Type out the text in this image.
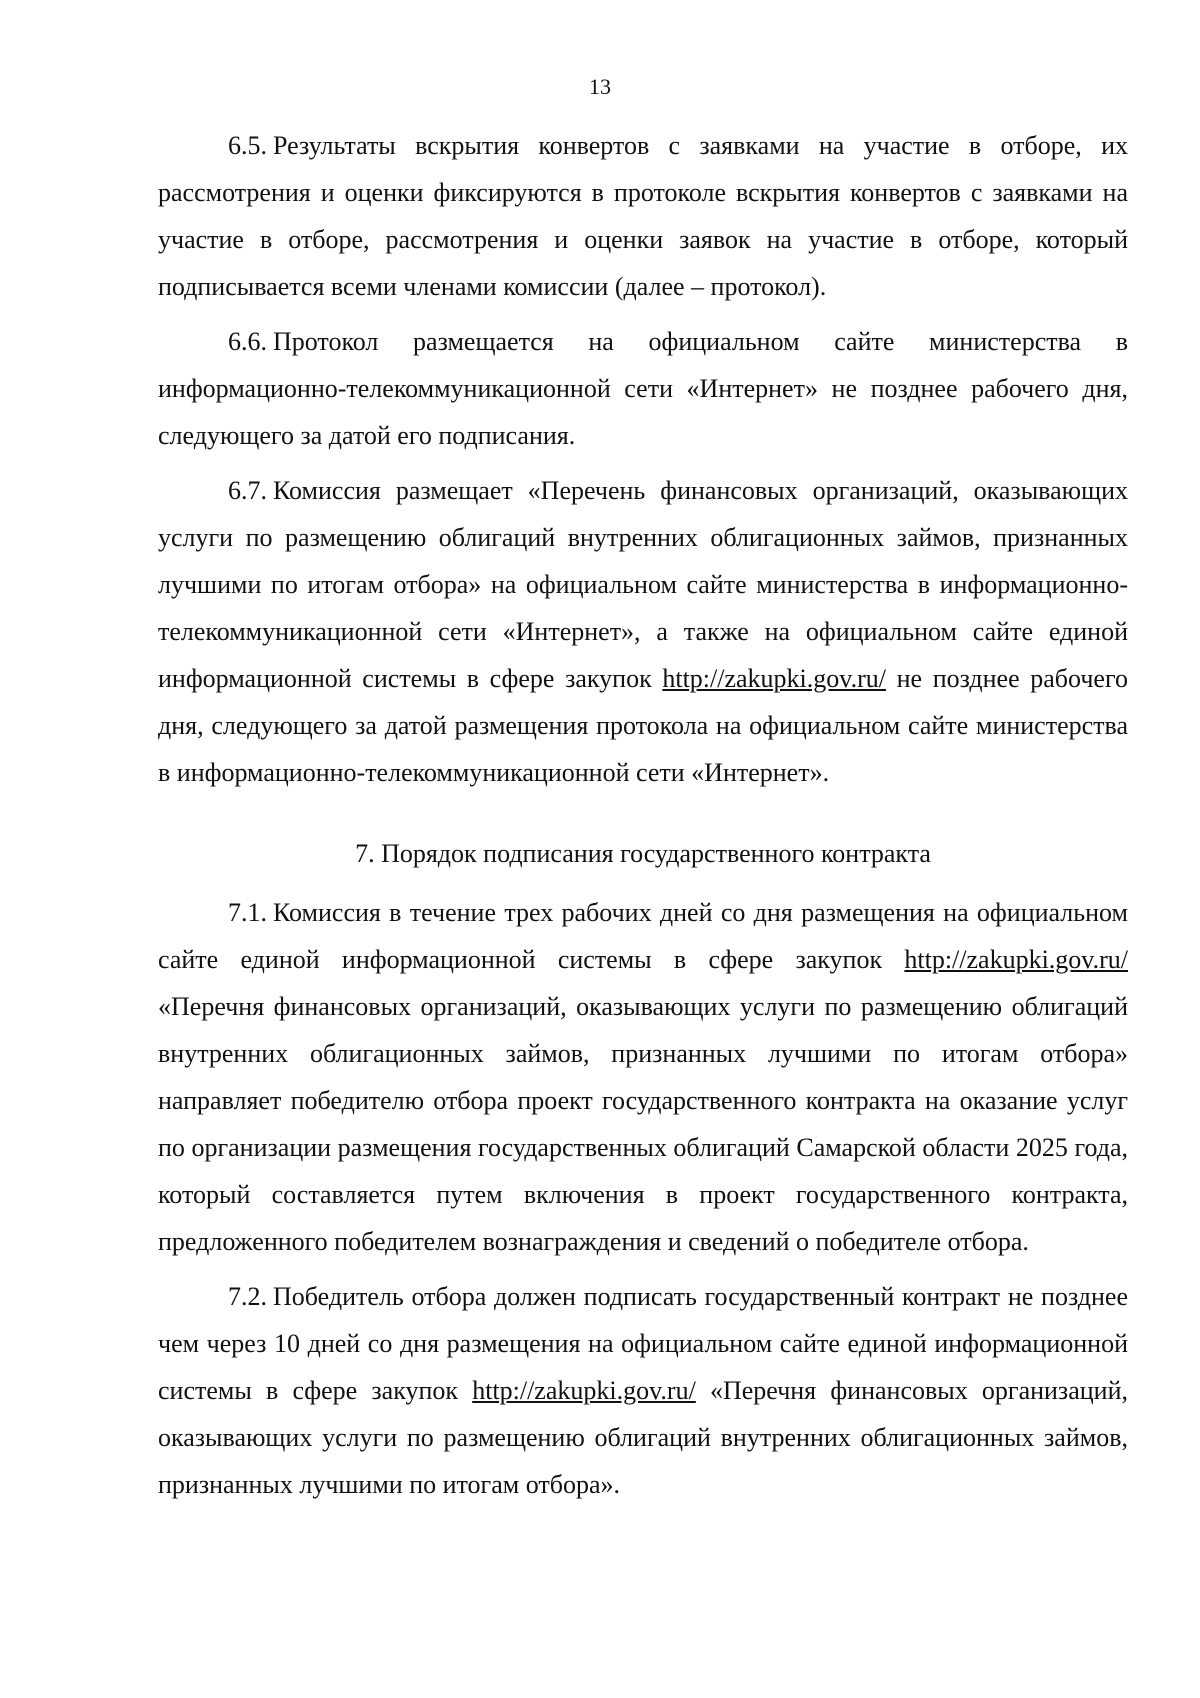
13

6.5. Результаты вскрытия конвертов с заявками на участие в отборе, их рассмотрения и оценки фиксируются в протоколе вскрытия конвертов с заявками на участие в отборе, рассмотрения и оценки заявок на участие в отборе, который подписывается всеми членами комиссии (далее – протокол).

6.6. Протокол размещается на официальном сайте министерства в информационно-телекоммуникационной сети «Интернет» не позднее рабочего дня, следующего за датой его подписания.

6.7. Комиссия размещает «Перечень финансовых организаций, оказывающих услуги по размещению облигаций внутренних облигационных займов, признанных лучшими по итогам отбора» на официальном сайте министерства в информационно-телекоммуникационной сети «Интернет», а также на официальном сайте единой информационной системы в сфере закупок http://zakupki.gov.ru/ не позднее рабочего дня, следующего за датой размещения протокола на официальном сайте министерства в информационно-телекоммуникационной сети «Интернет».

7. Порядок подписания государственного контракта

7.1. Комиссия в течение трех рабочих дней со дня размещения на официальном сайте единой информационной системы в сфере закупок http://zakupki.gov.ru/ «Перечня финансовых организаций, оказывающих услуги по размещению облигаций внутренних облигационных займов, признанных лучшими по итогам отбора» направляет победителю отбора проект государственного контракта на оказание услуг по организации размещения государственных облигаций Самарской области 2025 года, который составляется путем включения в проект государственного контракта, предложенного победителем вознаграждения и сведений о победителе отбора.

7.2. Победитель отбора должен подписать государственный контракт не позднее чем через 10 дней со дня размещения на официальном сайте единой информационной системы в сфере закупок http://zakupki.gov.ru/ «Перечня финансовых организаций, оказывающих услуги по размещению облигаций внутренних облигационных займов, признанных лучшими по итогам отбора».
